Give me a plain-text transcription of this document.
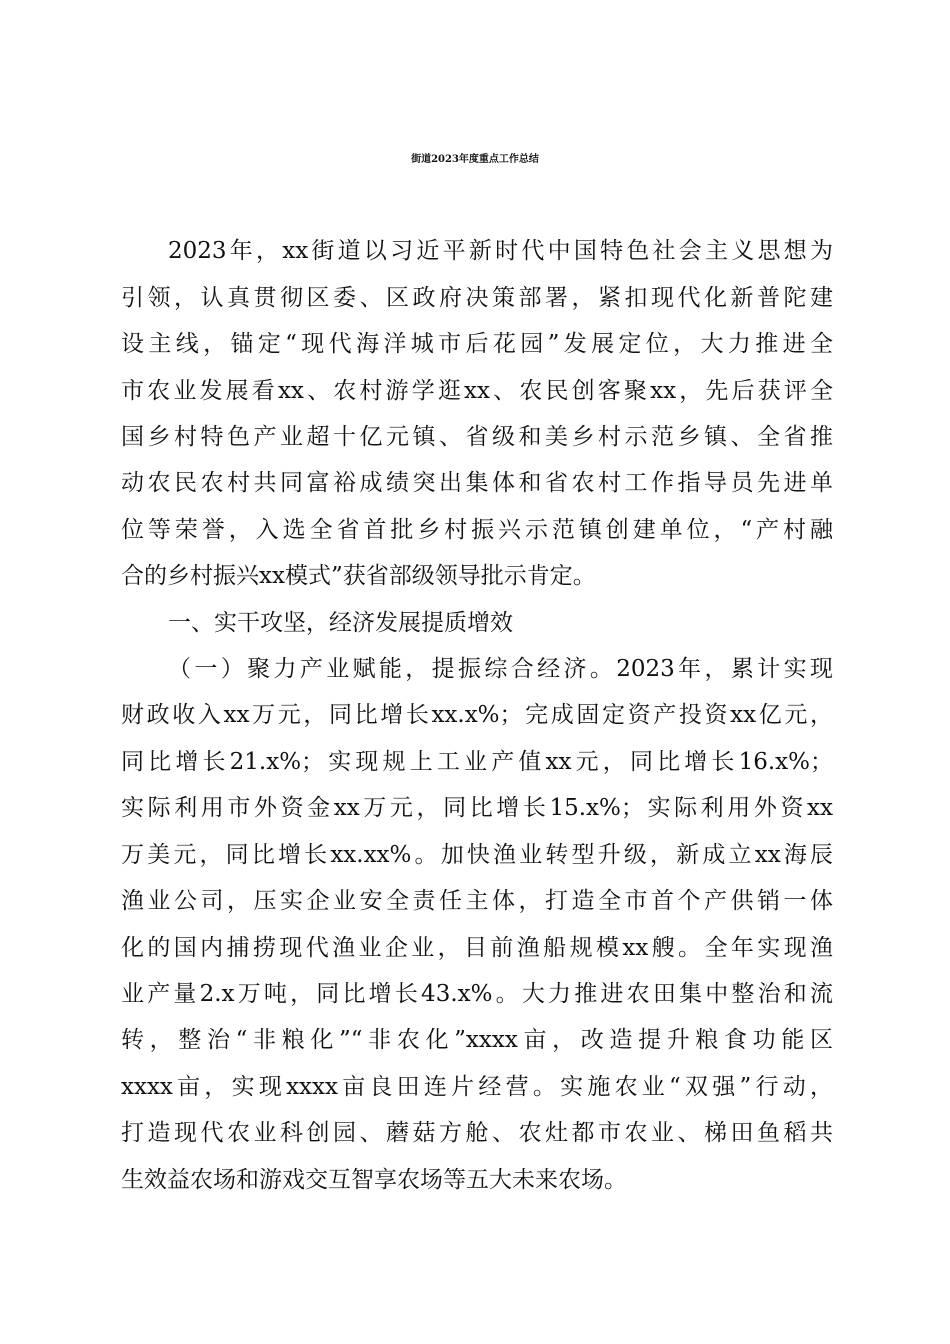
街道2023年度重点工作总结
2023年，xx街道以习近平新时代中国特色社会主义思想为
引领，认真贯彻区委、区政府决策部署，紧扣现代化新普陀建
设主线，锚定“现代海洋城市后花园”发展定位，大力推进全
市农业发展看xx、农村游学逛xx、农民创客聚xx，先后获评全
国乡村特色产业超十亿元镇、省级和美乡村示范乡镇、全省推
动农民农村共同富裕成绩突出集体和省农村工作指导员先进单
位等荣誉，入选全省首批乡村振兴示范镇创建单位，“产村融
合的乡村振兴xx模式”获省部级领导批示肯定。
一、实干攻坚，经济发展提质增效
（一）聚力产业赋能，提振综合经济。2023年，累计实现
财政收入xx万元，同比增长xx.x%；完成固定资产投资xx亿元，
同比增长21.x%；实现规上工业产值xx元，同比增长16.x%；
实际利用市外资金xx万元，同比增长15.x%；实际利用外资xx
万美元，同比增长xx.xx%。加快渔业转型升级，新成立xx海辰
渔业公司，压实企业安全责任主体，打造全市首个产供销一体
化的国内捕捞现代渔业企业，目前渔船规模xx艘。全年实现渔
业产量2.x万吨，同比增长43.x%。大力推进农田集中整治和流
转，整治“非粮化”“非农化”xxxx亩，改造提升粮食功能区
xxxx亩，实现xxxx亩良田连片经营。实施农业“双强”行动，
打造现代农业科创园、蘑菇方舱、农灶都市农业、梯田鱼稻共
生效益农场和游戏交互智享农场等五大未来农场。
